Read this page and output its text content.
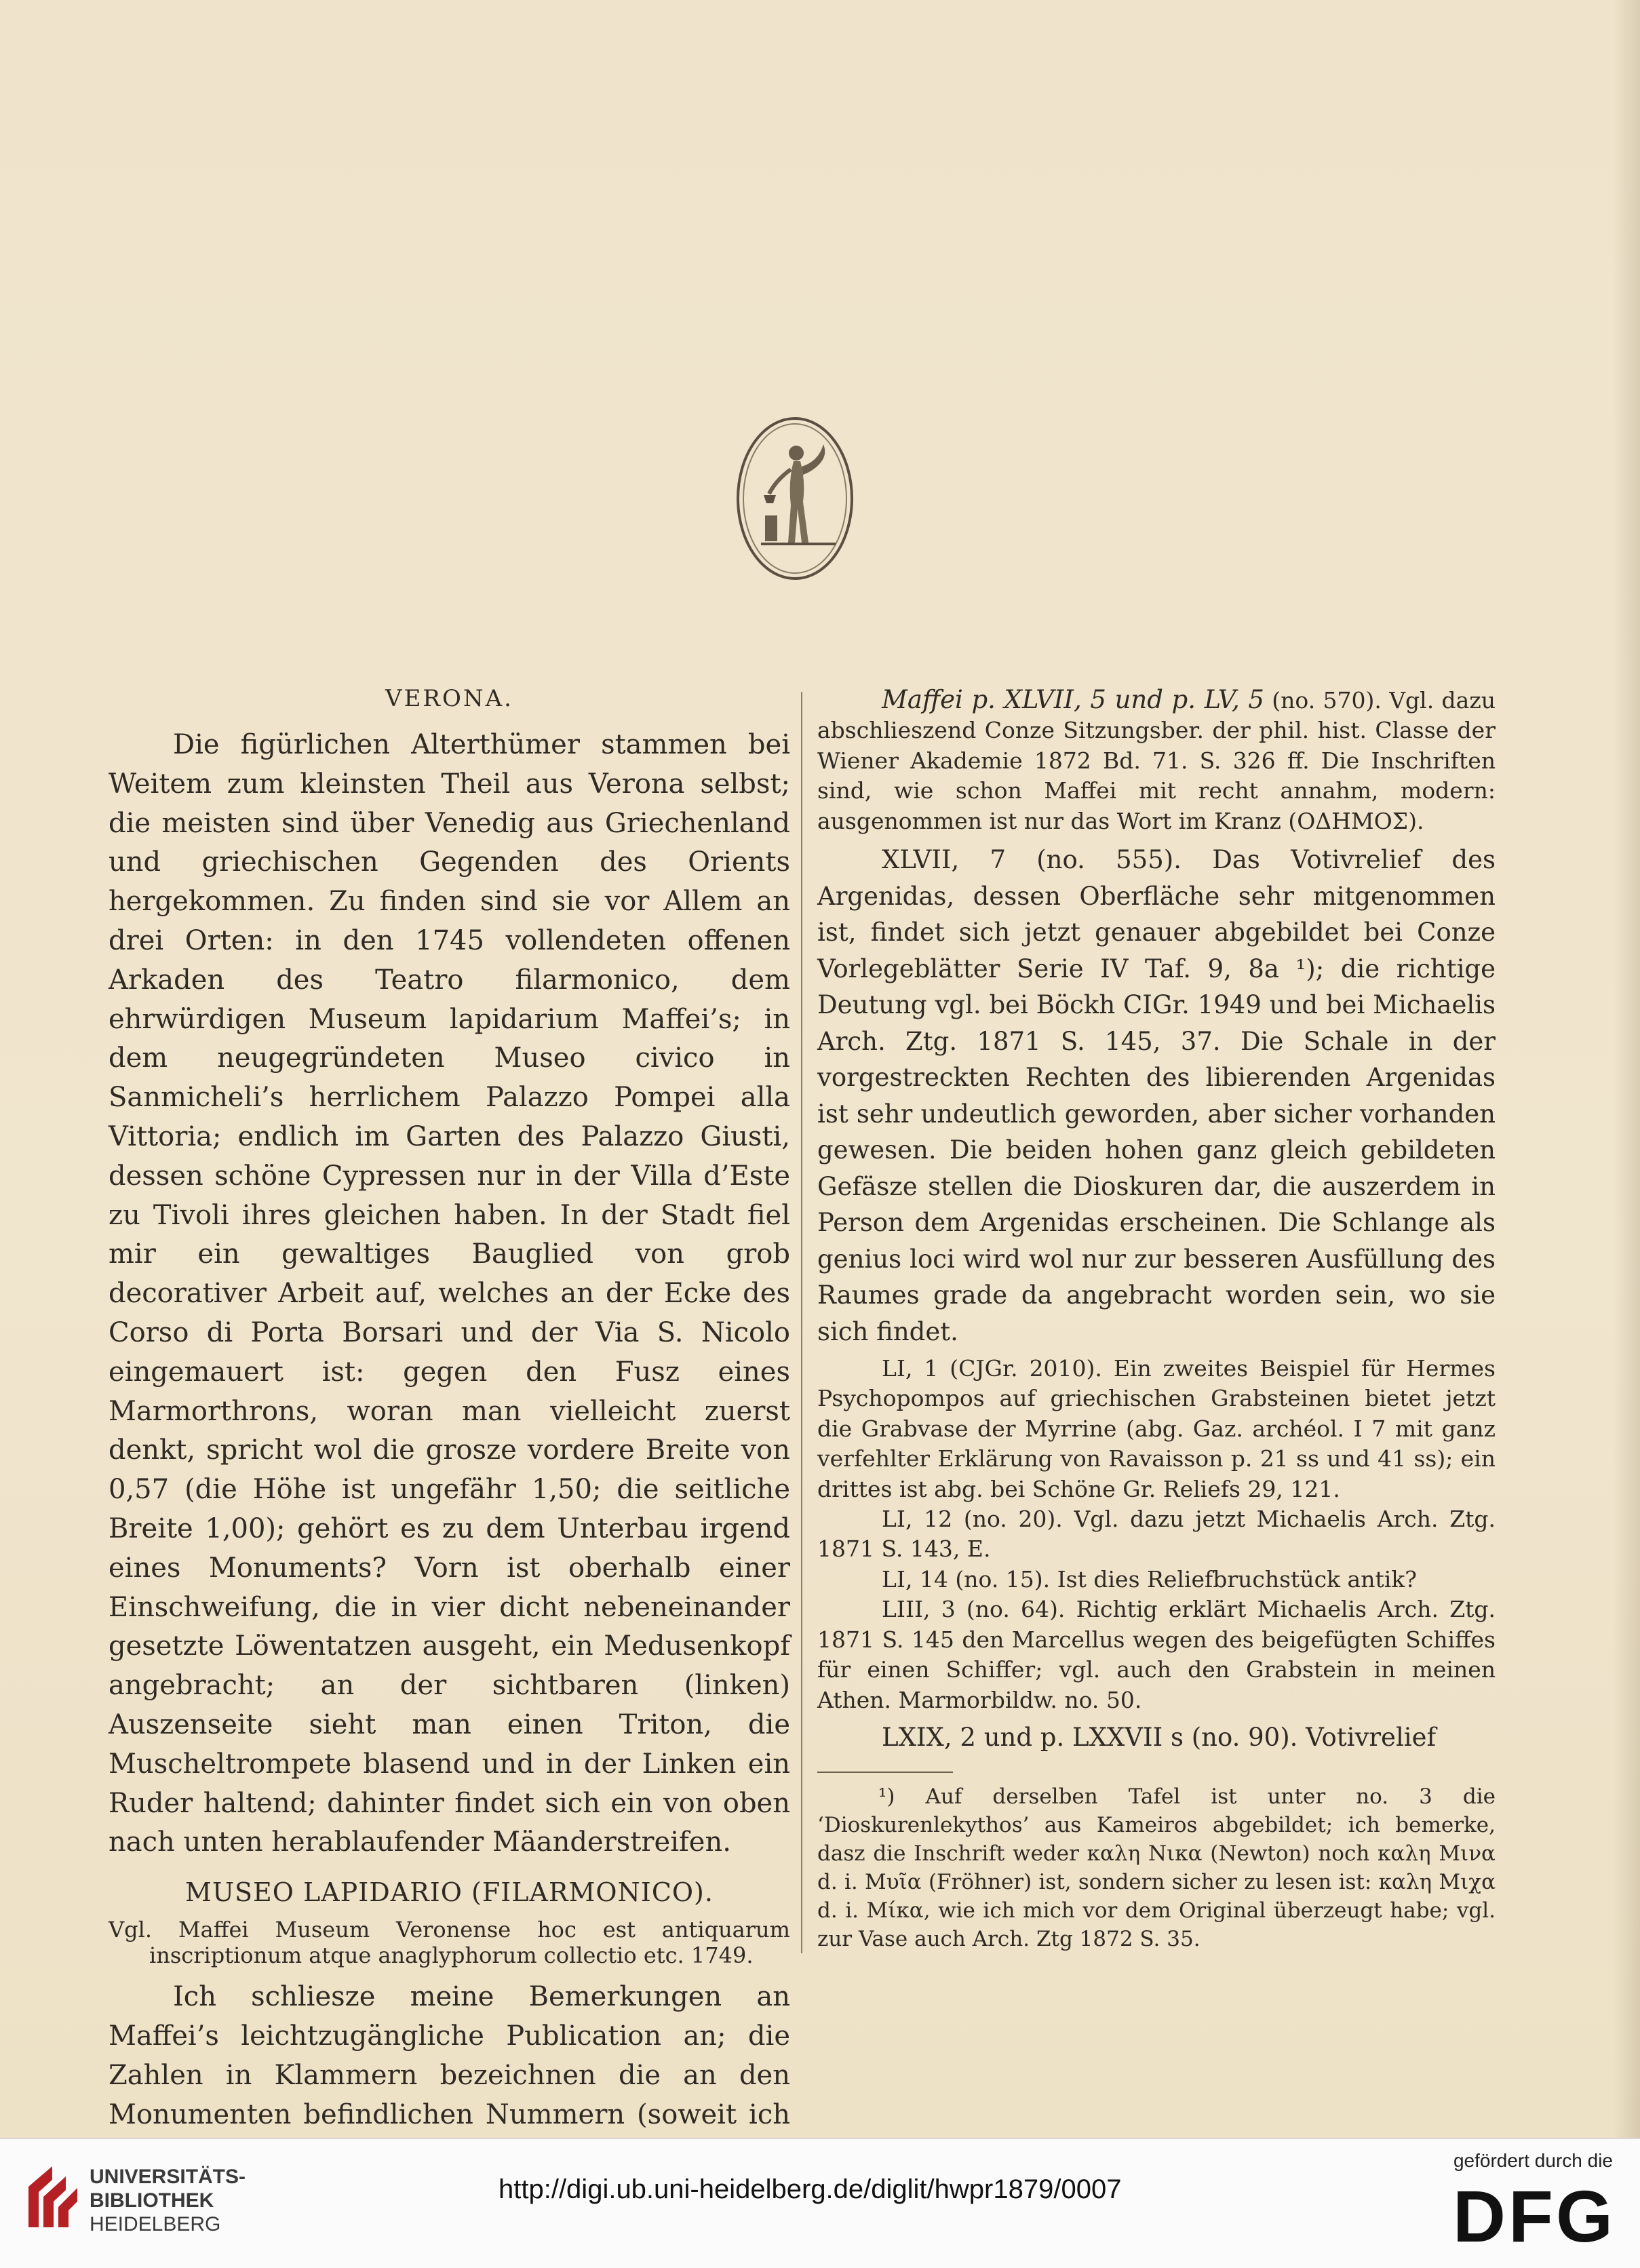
VERONA.

Die figürlichen Alterthümer stammen bei Weitem zum kleinsten Theil aus Verona selbst; die meisten sind über Venedig aus Griechenland und griechischen Gegenden des Orients hergekommen. Zu finden sind sie vor Allem an drei Orten: in den 1745 vollendeten offenen Arkaden des Teatro filarmonico, dem ehrwürdigen Museum lapidarium Maffei’s; in dem neugegründeten Museo civico in Sanmicheli’s herrlichem Palazzo Pompei alla Vittoria; endlich im Garten des Palazzo Giusti, dessen schöne Cypressen nur in der Villa d’Este zu Tivoli ihres gleichen haben. In der Stadt fiel mir ein gewaltiges Bauglied von grob decorativer Arbeit auf, welches an der Ecke des Corso di Porta Borsari und der Via S. Nicolo eingemauert ist: gegen den Fusz eines Marmorthrons, woran man vielleicht zuerst denkt, spricht wol die grosze vordere Breite von 0,57 (die Höhe ist ungefähr 1,50; die seitliche Breite 1,00); gehört es zu dem Unterbau irgend eines Monuments? Vorn ist oberhalb einer Einschweifung, die in vier dicht nebeneinander gesetzte Löwentatzen ausgeht, ein Medusenkopf angebracht; an der sichtbaren (linken) Auszenseite sieht man einen Triton, die Muscheltrompete blasend und in der Linken ein Ruder haltend; dahinter findet sich ein von oben nach unten herablaufender Mäanderstreifen.

MUSEO LAPIDARIO (FILARMONICO).

Vgl. Maffei Museum Veronense hoc est antiquarum inscriptionum atque anaglyphorum collectio etc. 1749.

Ich schliesze meine Bemerkungen an Maffei’s leichtzugängliche Publication an; die Zahlen in Klammern bezeichnen die an den Monumenten befindlichen Nummern (soweit ich

Maffei p. XLVII, 5 und p. LV, 5 (no. 570). Vgl. dazu abschlieszend Conze Sitzungsber. der phil. hist. Classe der Wiener Akademie 1872 Bd. 71. S. 326 ff. Die Inschriften sind, wie schon Maffei mit recht annahm, modern: ausgenommen ist nur das Wort im Kranz (ΟΔΗΜΟΣ).

XLVII, 7 (no. 555). Das Votivrelief des Argenidas, dessen Oberfläche sehr mitgenommen ist, findet sich jetzt genauer abgebildet bei Conze Vorlegeblätter Serie IV Taf. 9, 8a ¹); die richtige Deutung vgl. bei Böckh CIGr. 1949 und bei Michaelis Arch. Ztg. 1871 S. 145, 37. Die Schale in der vorgestreckten Rechten des libierenden Argenidas ist sehr undeutlich geworden, aber sicher vorhanden gewesen. Die beiden hohen ganz gleich gebildeten Gefäsze stellen die Dioskuren dar, die auszerdem in Person dem Argenidas erscheinen. Die Schlange als genius loci wird wol nur zur besseren Ausfüllung des Raumes grade da angebracht worden sein, wo sie sich findet.

LI, 1 (CJGr. 2010). Ein zweites Beispiel für Hermes Psychopompos auf griechischen Grabsteinen bietet jetzt die Grabvase der Myrrine (abg. Gaz. archéol. I 7 mit ganz verfehlter Erklärung von Ravaisson p. 21 ss und 41 ss); ein drittes ist abg. bei Schöne Gr. Reliefs 29, 121.

LI, 12 (no. 20). Vgl. dazu jetzt Michaelis Arch. Ztg. 1871 S. 143, E.

LI, 14 (no. 15). Ist dies Reliefbruchstück antik?

LIII, 3 (no. 64). Richtig erklärt Michaelis Arch. Ztg. 1871 S. 145 den Marcellus wegen des beigefügten Schiffes für einen Schiffer; vgl. auch den Grabstein in meinen Athen. Marmorbildw. no. 50.

LXIX, 2 und p. LXXVII s (no. 90). Votivrelief

¹) Auf derselben Tafel ist unter no. 3 die ‘Dioskurenlekythos’ aus Kameiros abgebildet; ich bemerke, dasz die Inschrift weder καλη Νικα (Newton) noch καλη Μινα d. i. Μυῖα (Fröhner) ist, sondern sicher zu lesen ist: καλη Μιχα d. i. Μίκα, wie ich mich vor dem Original überzeugt habe; vgl. zur Vase auch Arch. Ztg 1872 S. 35.

UNIVERSITÄTS-
BIBLIOTHEK
HEIDELBERG
http://digi.ub.uni-heidelberg.de/diglit/hwpr1879/0007
gefördert durch die
DFG
